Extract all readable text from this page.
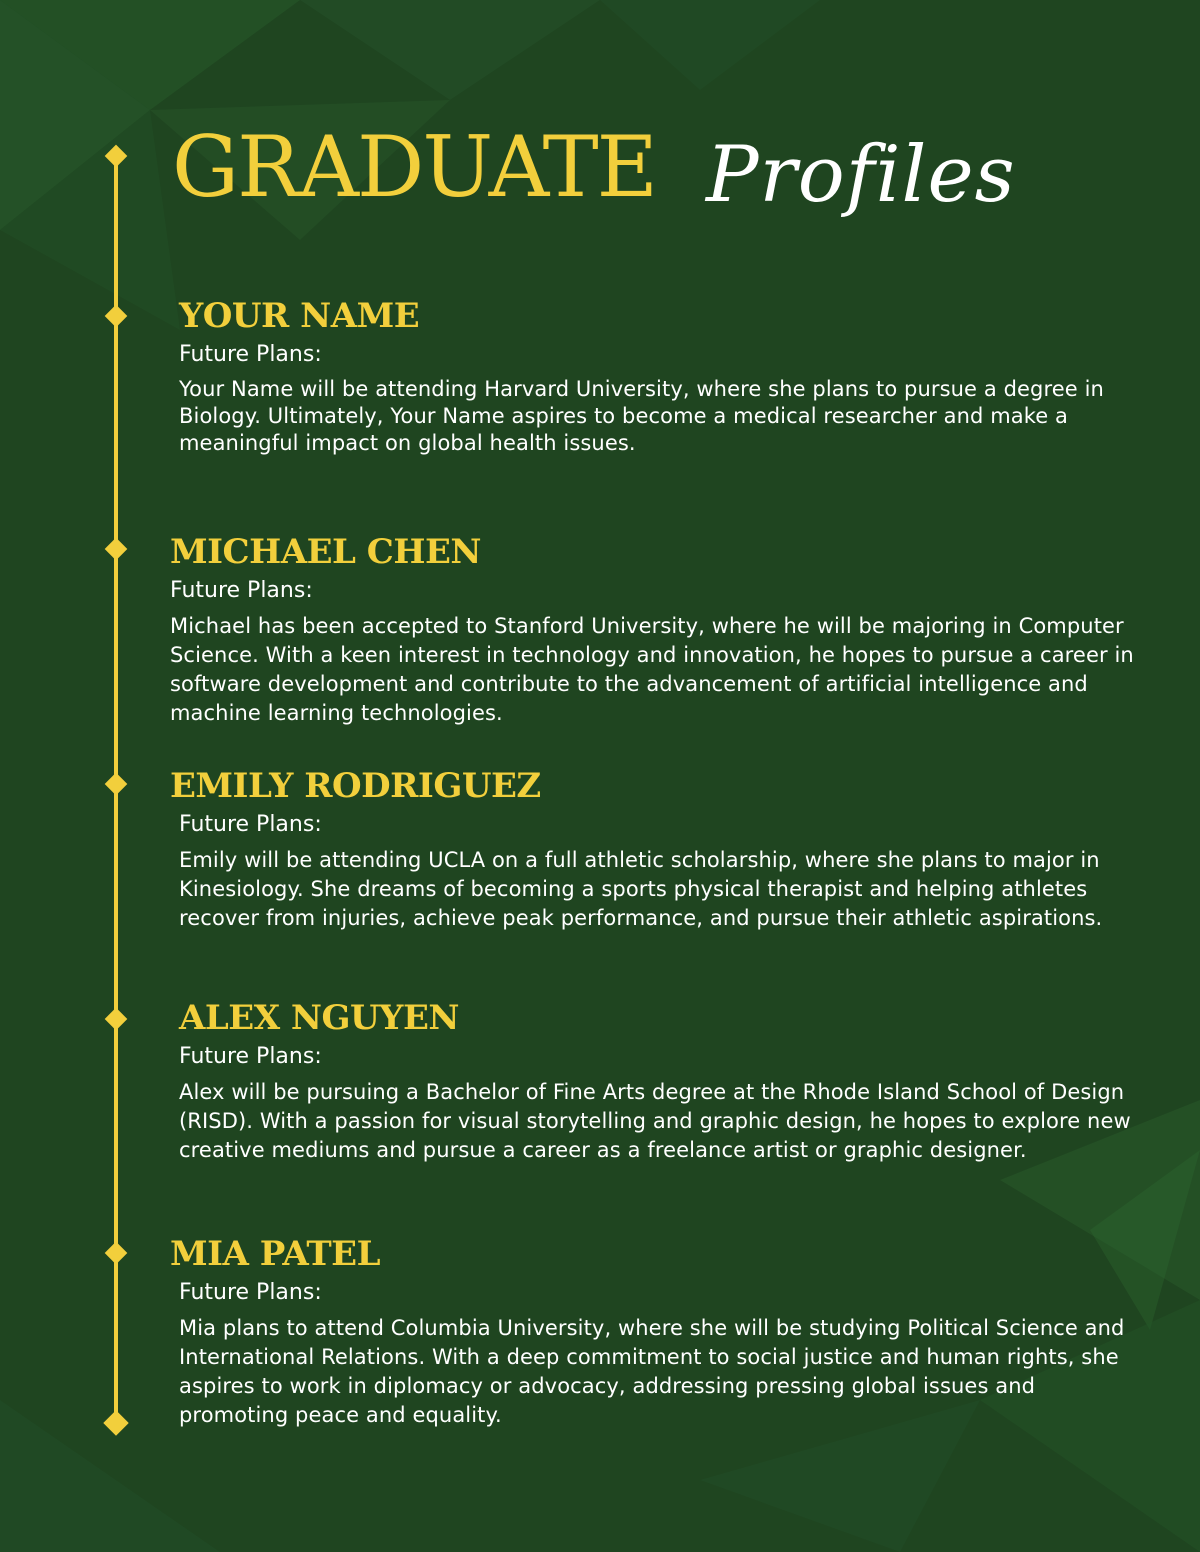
GRADUATE Profiles
YOUR NAME
Future Plans:
Your Name will be attending Harvard University, where she plans to pursue a degree in Biology. Ultimately, Your Name aspires to become a medical researcher and make a meaningful impact on global health issues.
MICHAEL CHEN
Future Plans:
Michael has been accepted to Stanford University, where he will be majoring in Computer Science. With a keen interest in technology and innovation, he hopes to pursue a career in software development and contribute to the advancement of artificial intelligence and machine learning technologies.
EMILY RODRIGUEZ
Future Plans:
Emily will be attending UCLA on a full athletic scholarship, where she plans to major in Kinesiology. She dreams of becoming a sports physical therapist and helping athletes recover from injuries, achieve peak performance, and pursue their athletic aspirations.
ALEX NGUYEN
Future Plans:
Alex will be pursuing a Bachelor of Fine Arts degree at the Rhode Island School of Design (RISD). With a passion for visual storytelling and graphic design, he hopes to explore new creative mediums and pursue a career as a freelance artist or graphic designer.
MIA PATEL
Future Plans:
Mia plans to attend Columbia University, where she will be studying Political Science and International Relations. With a deep commitment to social justice and human rights, she aspires to work in diplomacy or advocacy, addressing pressing global issues and promoting peace and equality.
